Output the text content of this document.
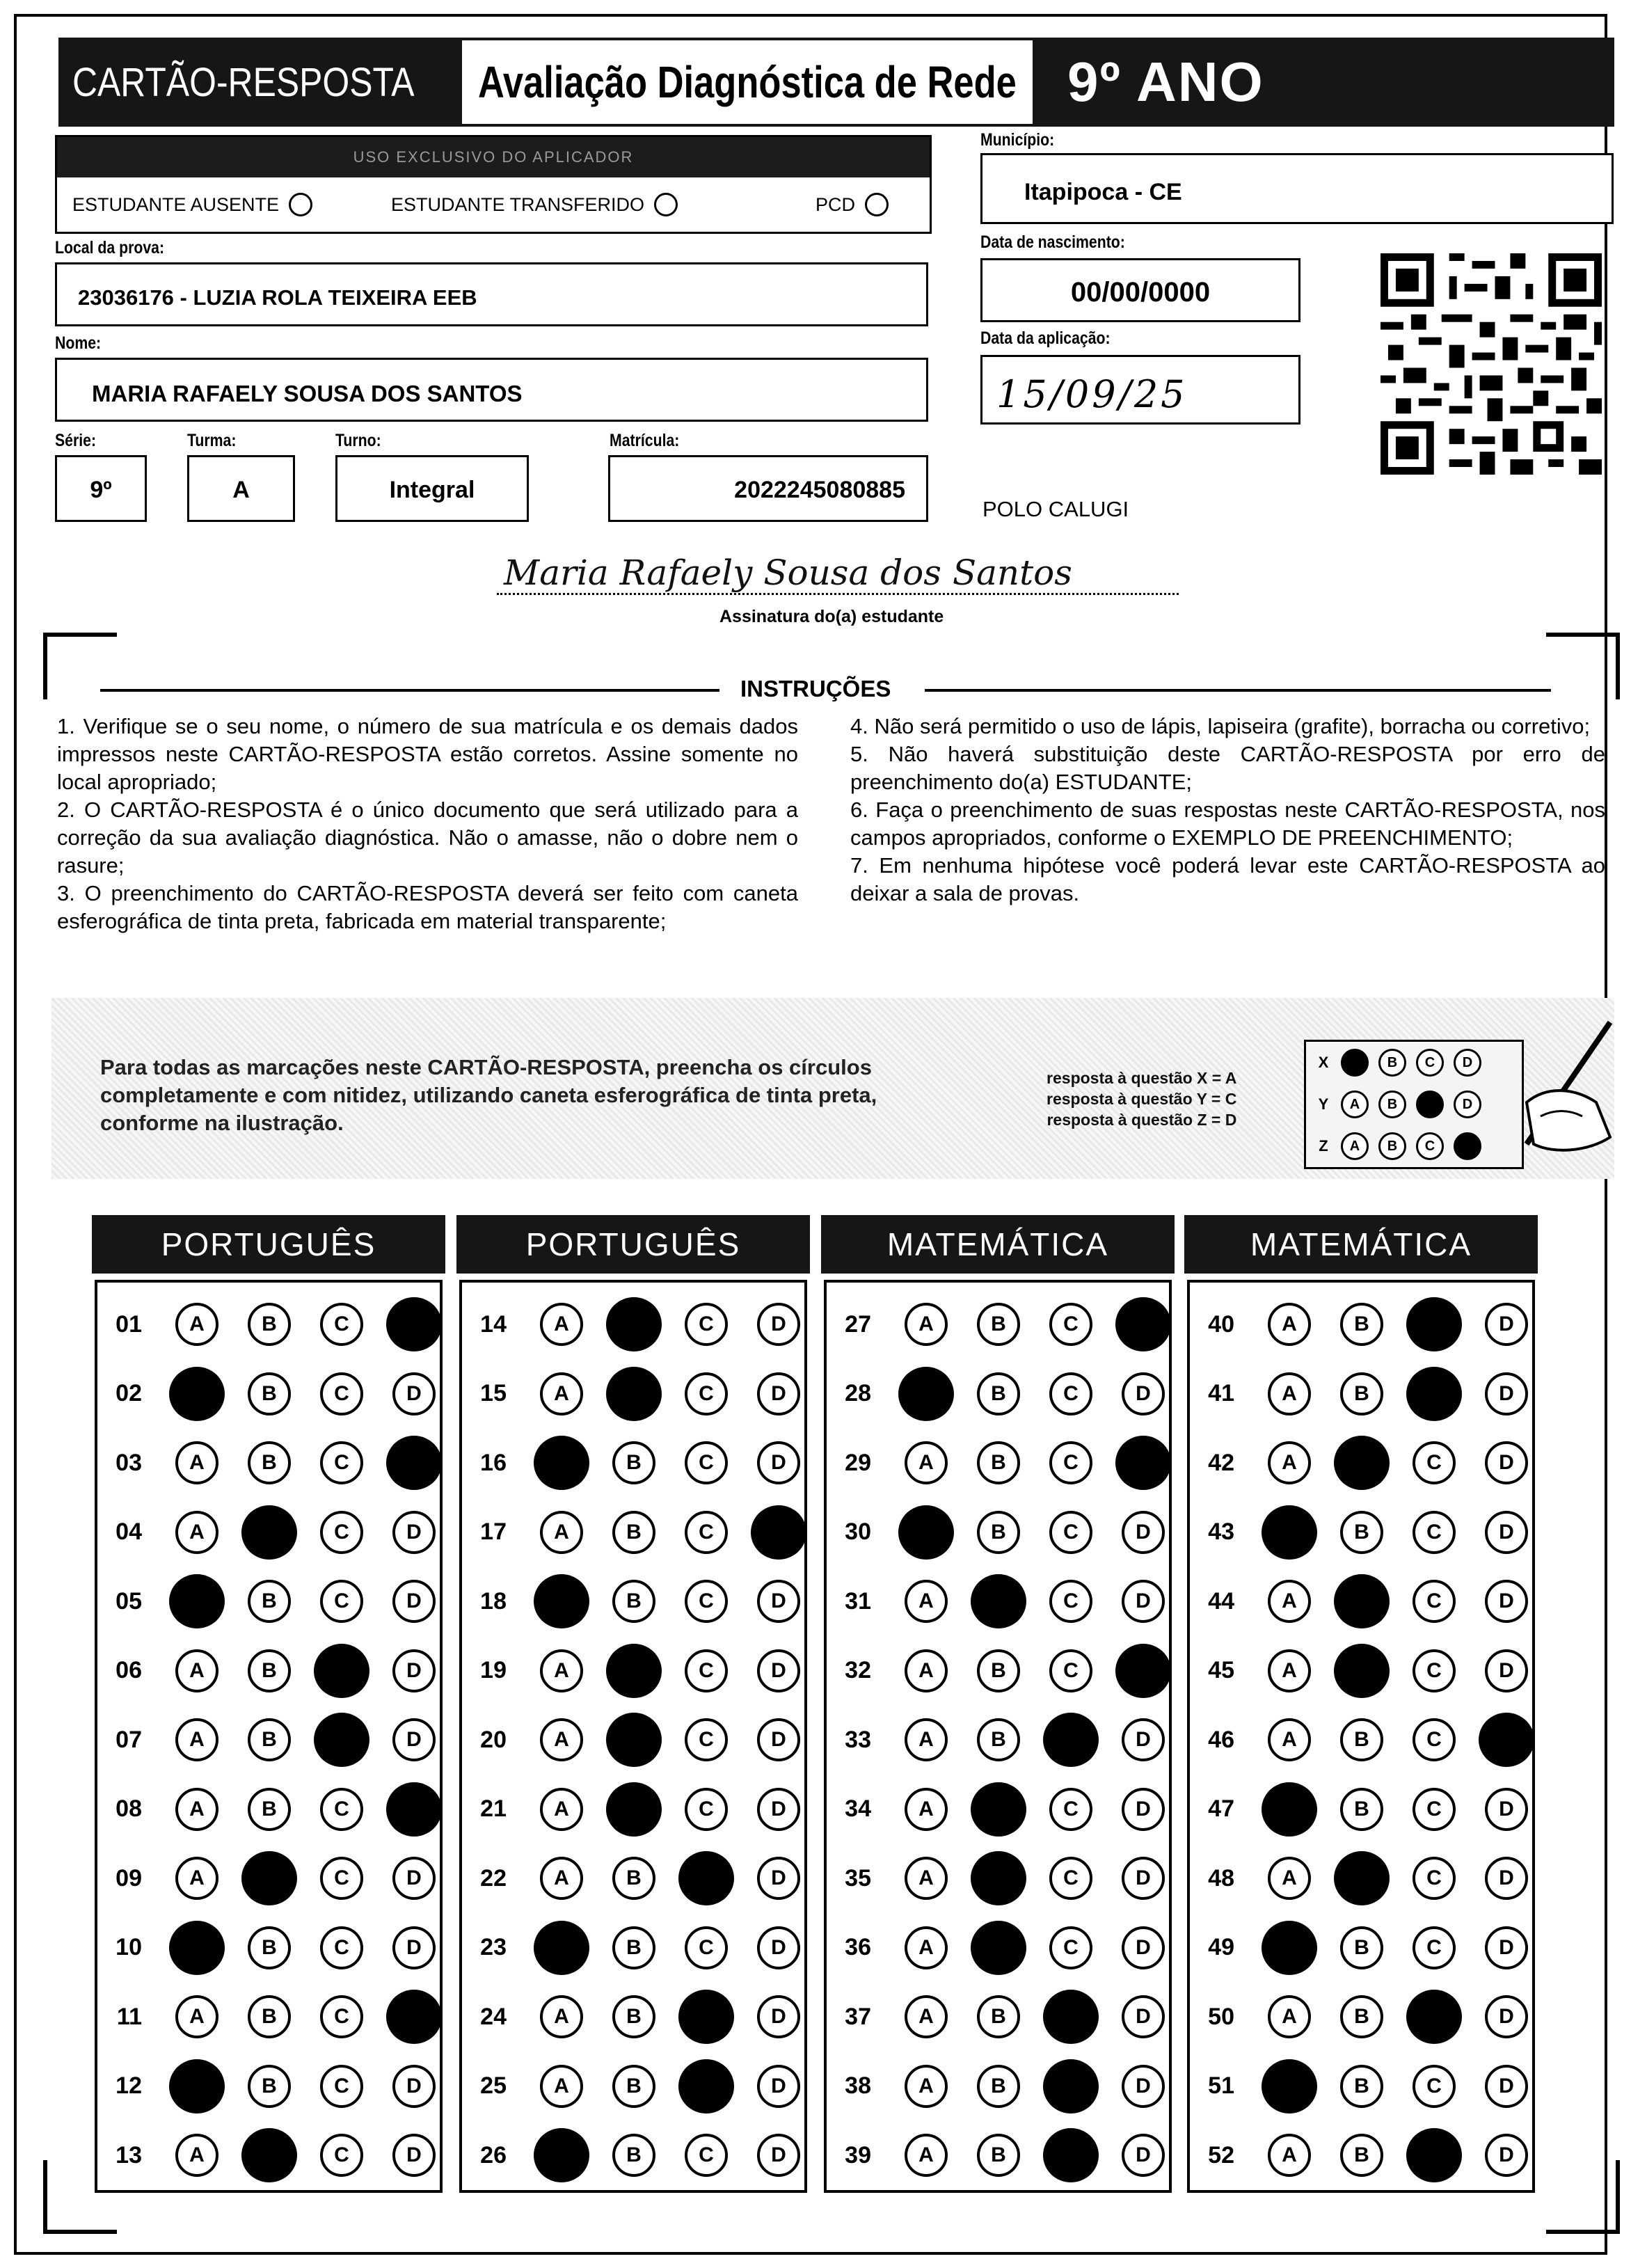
CARTÃO-RESPOSTA Avaliação Diagnóstica de Rede 9º ANO
USO EXCLUSIVO DO APLICADOR
ESTUDANTE AUSENTE	ESTUDANTE TRANSFERIDO	PCD
Município:
Itapipoca - CE
Local da prova:
23036176 - LUZIA ROLA TEIXEIRA EEB
Data de nascimento:
00/00/0000
Nome:
MARIA RAFAELY SOUSA DOS SANTOS
Data da aplicação:
15/09/25
Série:
9º
Turma:
A
Turno:
Integral
Matrícula:
2022245080885
POLO CALUGI
Maria Rafaely Sousa dos Santos
Assinatura do(a) estudante
INSTRUÇÕES

1. Verifique se o seu nome, o número de sua matrícula e os demais dados impressos neste CARTÃO-RESPOSTA estão corretos. Assine somente no local apropriado;

2. O CARTÃO-RESPOSTA é o único documento que será utilizado para a correção da sua avaliação diagnóstica. Não o amasse, não o dobre nem o rasure;

3. O preenchimento do CARTÃO-RESPOSTA deverá ser feito com caneta esferográfica de tinta preta, fabricada em material transparente;

4. Não será permitido o uso de lápis, lapiseira (grafite), borracha ou corretivo;

5. Não haverá substituição deste CARTÃO-RESPOSTA por erro de preenchimento do(a) ESTUDANTE;

6. Faça o preenchimento de suas respostas neste CARTÃO-RESPOSTA, nos campos apropriados, conforme o EXEMPLO DE PREENCHIMENTO;

7. Em nenhuma hipótese você poderá levar este CARTÃO-RESPOSTA ao deixar a sala de provas.

Para todas as marcações neste CARTÃO-RESPOSTA, preencha os círculos completamente e com nitidez, utilizando caneta esferográfica de tinta preta, conforme na ilustração.
resposta à questão X = A
resposta à questão Y = C
resposta à questão Z = D
X	A	B	C	D
Y	A	B	C	D
Z	A	B	C	D
PORTUGUÊS
01	A	B	C	D
02	A	B	C	D
03	A	B	C	D
04	A	B	C	D
05	A	B	C	D
06	A	B	C	D
07	A	B	C	D
08	A	B	C	D
09	A	B	C	D
10	A	B	C	D
11	A	B	C	D
12	A	B	C	D
13	A	B	C	D
PORTUGUÊS
14	A	B	C	D
15	A	B	C	D
16	A	B	C	D
17	A	B	C	D
18	A	B	C	D
19	A	B	C	D
20	A	B	C	D
21	A	B	C	D
22	A	B	C	D
23	A	B	C	D
24	A	B	C	D
25	A	B	C	D
26	A	B	C	D
MATEMÁTICA
27	A	B	C	D
28	A	B	C	D
29	A	B	C	D
30	A	B	C	D
31	A	B	C	D
32	A	B	C	D
33	A	B	C	D
34	A	B	C	D
35	A	B	C	D
36	A	B	C	D
37	A	B	C	D
38	A	B	C	D
39	A	B	C	D
MATEMÁTICA
40	A	B	C	D
41	A	B	C	D
42	A	B	C	D
43	A	B	C	D
44	A	B	C	D
45	A	B	C	D
46	A	B	C	D
47	A	B	C	D
48	A	B	C	D
49	A	B	C	D
50	A	B	C	D
51	A	B	C	D
52	A	B	C	D
